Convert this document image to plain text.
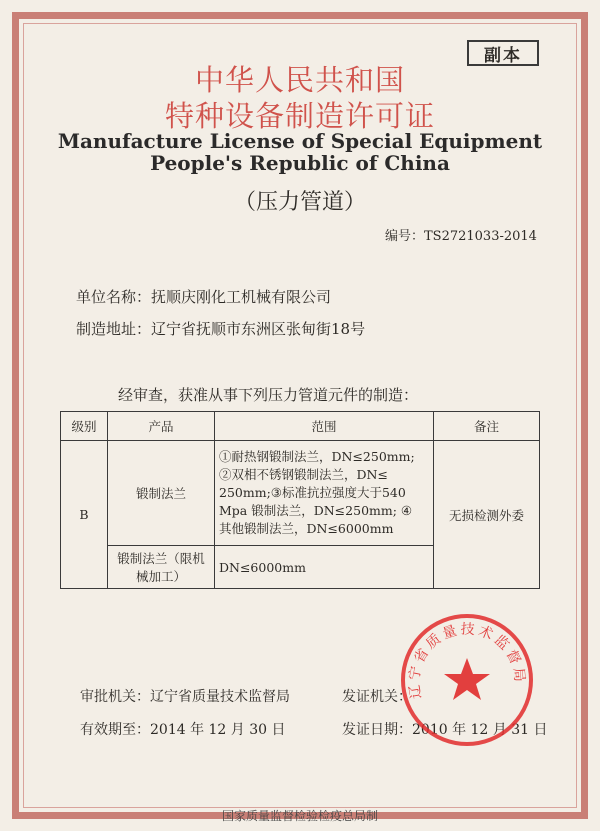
副本
中华人民共和国
特种设备制造许可证
Manufacture License of Special Equipment
People's Republic of China
（压力管道）
编号：TS2721033-2014
单位名称：抚顺庆刚化工机械有限公司
制造地址：辽宁省抚顺市东洲区张甸街18号
经审查，获准从事下列压力管道元件的制造：
级别	产品	范围	备注
B	锻制法兰	①耐热钢锻制法兰，DN≤250mm;
②双相不锈钢锻制法兰，DN≤
250mm;③标准抗拉强度大于540
Mpa 锻制法兰，DN≤250mm; ④
其他锻制法兰，DN≤6000mm	无损检测外委
	锻制法兰（限机械加工）	DN≤6000mm	
审批机关：辽宁省质量技术监督局
有效期至：2014 年 12 月 30 日
发证机关：
发证日期：2010 年 12 月 31 日
辽宁省质量技术监督局
国家质量监督检验检疫总局制
